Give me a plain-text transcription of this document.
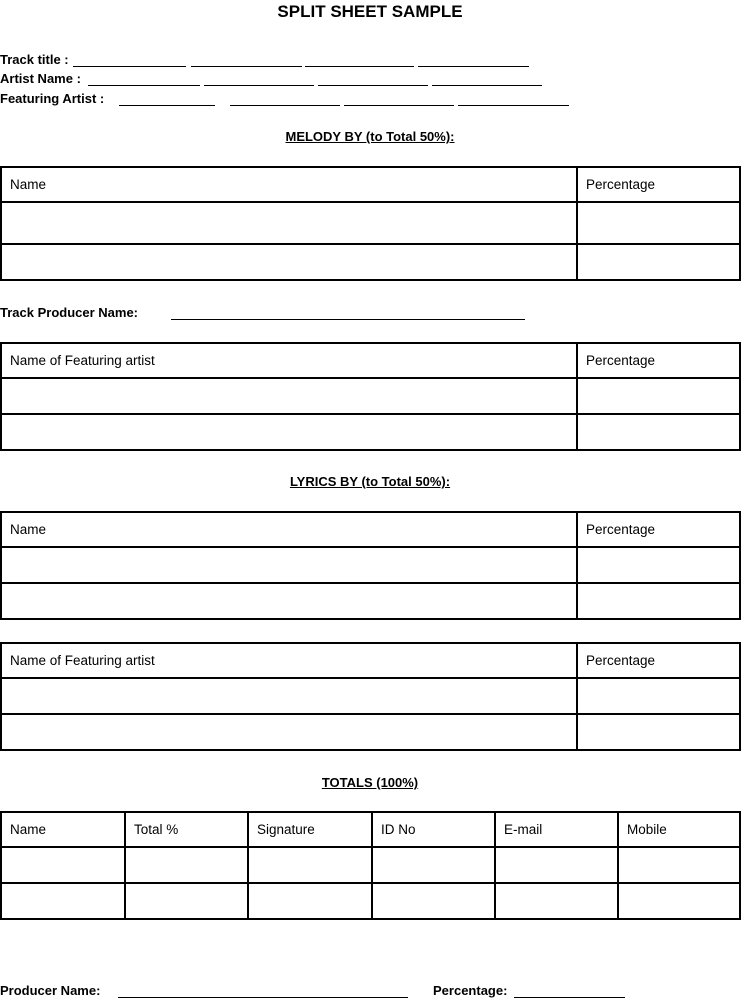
SPLIT SHEET SAMPLE
Track title :
Artist Name :
Featuring Artist :
MELODY BY (to Total 50%):
Name	Percentage

Track Producer Name:
Name of Featuring artist	Percentage

LYRICS BY (to Total 50%):
Name	Percentage

Name of Featuring artist	Percentage

TOTALS (100%)
Name	Total %	Signature	ID No	E-mail	Mobile

Producer Name:	Percentage:
